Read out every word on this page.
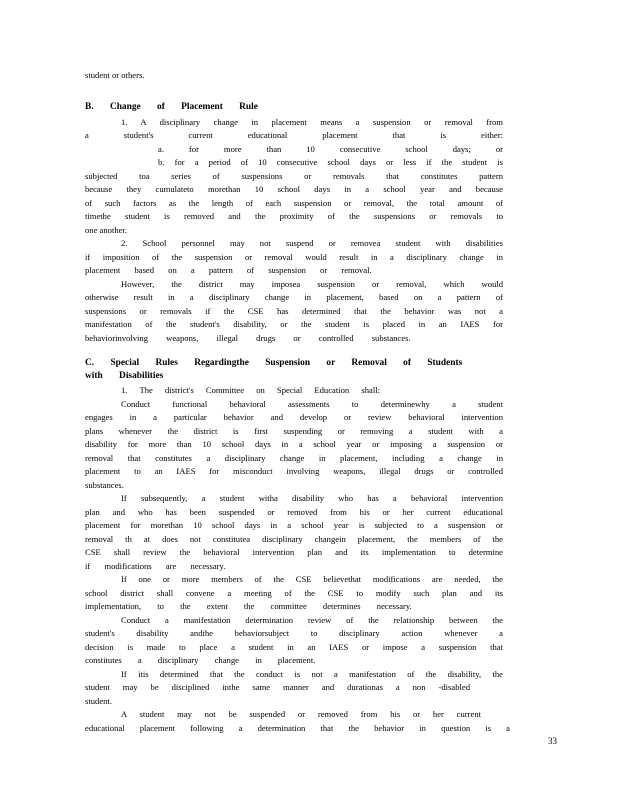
student or others.
B. Change of Placement Rule
1. A disciplinary change in placement means a suspension or removal from
a student's current educational placement that is either:
a. for more than 10 consecutive school days; or
b. for a period of 10 consecutive school days or less if the student is
subjected toa series of suspensions or removals that constitutes pattern
because they cumulateto morethan 10 school days in a school year and because
of such factors as the length of each suspension or removal, the total amount of
timethe student is removed and the proximity of the suspensions or removals to
one another.
2. School personnel may not suspend or removea student with disabilities
if imposition of the suspension or removal would result in a disciplinary change in
placement based on a pattern of suspension or removal.
However, the district may imposea suspension or removal, which would
otherwise result in a disciplinary change in placement, based on a pattern of
suspensions or removals if the CSE has determined that the behavior was not a
manifestation of the student's disability, or the student is placed in an IAES for
behaviorinvolving weapons, illegal drugs or controlled substances.
C. Special Rules Regardingthe Suspension or Removal of Students
with Disabilities
1. The district's Committee on Special Education shall:
Conduct functional behavioral assessments to determinewhy a student
engages in a particular behavior and develop or review behavioral intervention
plans whenever the district is first suspending or removing a student with a
disability for more than 10 school days in a school year or imposing a suspension or
removal that constitutes a disciplinary change in placement, including a change in
placement to an IAES for misconduct involving weapons, illegal drugs or controlled
substances.
If subsequently, a student witha disability who has a behavioral intervention
plan and who has been suspended or removed from his or her current educational
placement for morethan 10 school days in a school year is subjected to a suspension or
removal th at does not constitutea disciplinary changein placement, the members of the
CSE shall review the behavioral intervention plan and its implementation to determine
if modifications are necessary.
If one or more members of the CSE believethat modifications are needed, the
school district shall convene a meeting of the CSE to modify such plan and its
implementation, to the extent the committee determines necessary.
Conduct a manifestation determination review of the relationship between the
student's disability andthe behaviorsubject to disciplinary action whenever a
decision is made to place a student in an IAES or impose a suspension that
constitutes a disciplinary change in placement.
If itis determined that the conduct is not a manifestation of the disability, the
student may be disciplined inthe same manner and durationas a non -disabled
student.
A student may not be suspended or removed from his or her current
educational placement following a determination that the behavior in question is a
33
